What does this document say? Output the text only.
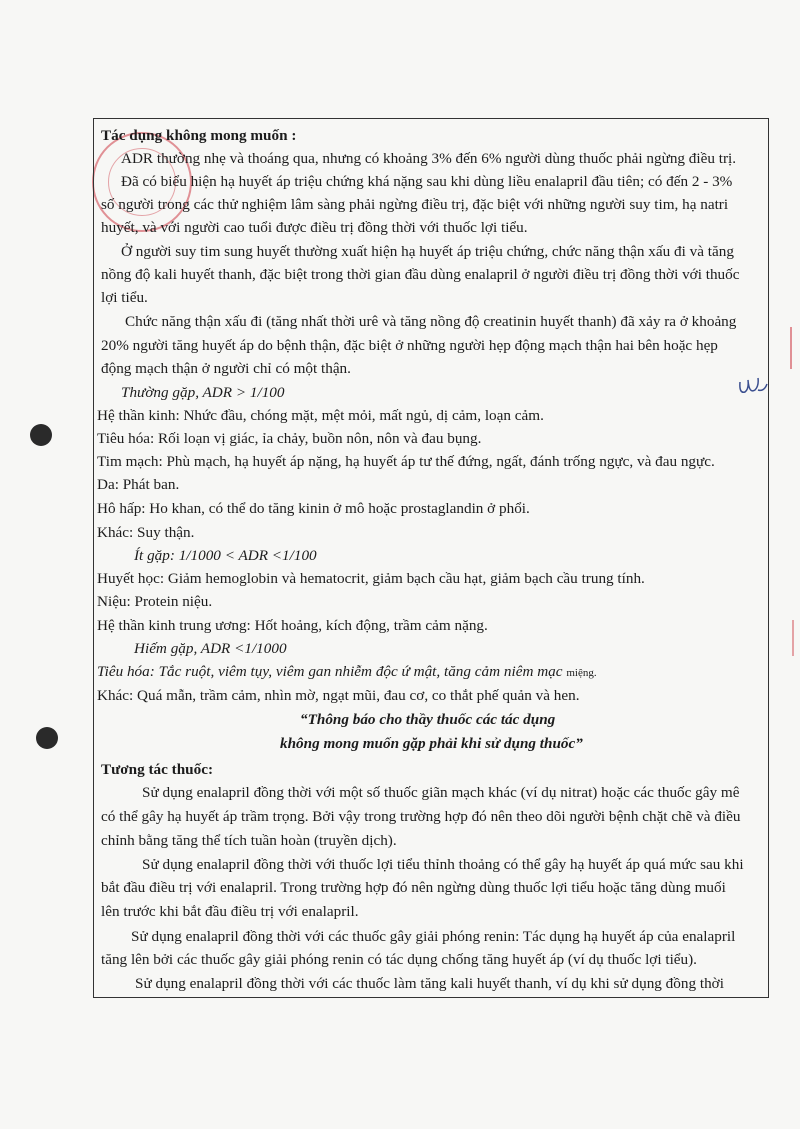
Tác dụng không mong muốn :
ADR thường nhẹ và thoáng qua, nhưng có khoảng 3% đến 6% người dùng thuốc phải ngừng điều trị.
Đã có biểu hiện hạ huyết áp triệu chứng khá nặng sau khi dùng liều enalapril đầu tiên; có đến 2 - 3%
số người trong các thử nghiệm lâm sàng phải ngừng điều trị, đặc biệt với những người suy tim, hạ natri
huyết, và với người cao tuổi được điều trị đồng thời với thuốc lợi tiểu.
Ở người suy tim sung huyết thường xuất hiện hạ huyết áp triệu chứng, chức năng thận xấu đi và tăng
nồng độ kali huyết thanh, đặc biệt trong thời gian đầu dùng enalapril ở người điều trị đồng thời với thuốc
lợi tiểu.
Chức năng thận xấu đi (tăng nhất thời urê và tăng nồng độ creatinin huyết thanh) đã xảy ra ở khoảng
20% người tăng huyết áp do bệnh thận, đặc biệt ở những người hẹp động mạch thận hai bên hoặc hẹp
động mạch thận ở người chỉ có một thận.
Thường gặp, ADR > 1/100
Hệ thần kinh: Nhức đầu, chóng mặt, mệt mỏi, mất ngủ, dị cảm, loạn cảm.
Tiêu hóa: Rối loạn vị giác, ỉa chảy, buồn nôn, nôn và đau bụng.
Tim mạch: Phù mạch, hạ huyết áp nặng, hạ huyết áp tư thế đứng, ngất, đánh trống ngực, và đau ngực.
Da: Phát ban.
Hô hấp: Ho khan, có thể do tăng kinin ở mô hoặc prostaglandin ở phổi.
Khác: Suy thận.
Ít gặp: 1/1000 < ADR <1/100
Huyết học: Giảm hemoglobin và hematocrit, giảm bạch cầu hạt, giảm bạch cầu trung tính.
Niệu: Protein niệu.
Hệ thần kinh trung ương: Hốt hoảng, kích động, trầm cảm nặng.
Hiếm gặp, ADR <1/1000
Tiêu hóa: Tắc ruột, viêm tụy, viêm gan nhiễm độc ứ mật, tăng cảm niêm mạc miệng.
Khác: Quá mẫn, trầm cảm, nhìn mờ, ngạt mũi, đau cơ, co thắt phế quản và hen.
“Thông báo cho thầy thuốc các tác dụng
không mong muốn gặp phải khi sử dụng thuốc”
Tương tác thuốc:
Sử dụng enalapril đồng thời với một số thuốc giãn mạch khác (ví dụ nitrat) hoặc các thuốc gây mê
có thể gây hạ huyết áp trầm trọng. Bởi vậy trong trường hợp đó nên theo dõi người bệnh chặt chẽ và điều
chỉnh bằng tăng thể tích tuần hoàn (truyền dịch).
Sử dụng enalapril đồng thời với thuốc lợi tiểu thỉnh thoảng có thể gây hạ huyết áp quá mức sau khi
bắt đầu điều trị với enalapril. Trong trường hợp đó nên ngừng dùng thuốc lợi tiểu hoặc tăng dùng muối
lên trước khi bắt đầu điều trị với enalapril.
Sử dụng enalapril đồng thời với các thuốc gây giải phóng renin: Tác dụng hạ huyết áp của enalapril
tăng lên bởi các thuốc gây giải phóng renin có tác dụng chống tăng huyết áp (ví dụ thuốc lợi tiểu).
Sử dụng enalapril đồng thời với các thuốc làm tăng kali huyết thanh, ví dụ khi sử dụng đồng thời
